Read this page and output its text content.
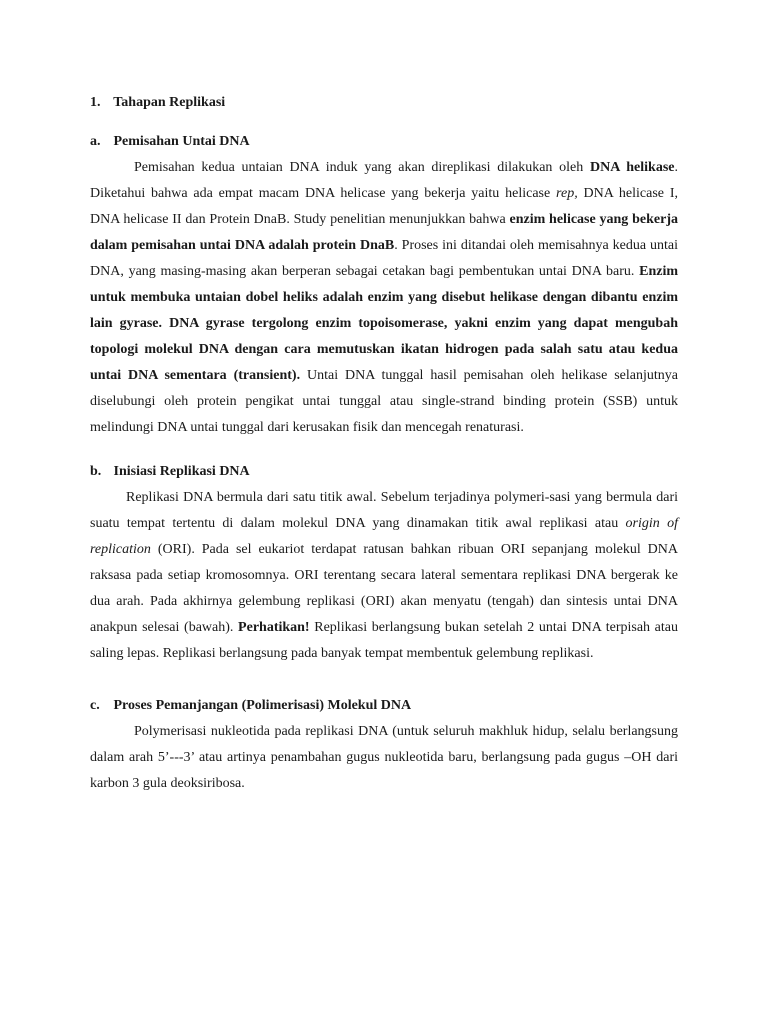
1. Tahapan Replikasi

a. Pemisahan Untai DNA

Pemisahan kedua untaian DNA induk yang akan direplikasi dilakukan oleh DNA helikase. Diketahui bahwa ada empat macam DNA helicase yang bekerja yaitu helicase rep, DNA helicase I, DNA helicase II dan Protein DnaB. Study penelitian menunjukkan bahwa enzim helicase yang bekerja dalam pemisahan untai DNA adalah protein DnaB. Proses ini ditandai oleh memisahnya kedua untai DNA, yang masing-masing akan berperan sebagai cetakan bagi pembentukan untai DNA baru. Enzim untuk membuka untaian dobel heliks adalah enzim yang disebut helikase dengan dibantu enzim lain gyrase. DNA gyrase tergolong enzim topoisomerase, yakni enzim yang dapat mengubah topologi molekul DNA dengan cara memutuskan ikatan hidrogen pada salah satu atau kedua untai DNA sementara (transient). Untai DNA tunggal hasil pemisahan oleh helikase selanjutnya diselubungi oleh protein pengikat untai tunggal atau single-strand binding protein (SSB) untuk melindungi DNA untai tunggal dari kerusakan fisik dan mencegah renaturasi.

b. Inisiasi Replikasi DNA

Replikasi DNA bermula dari satu titik awal. Sebelum terjadinya polymeri-sasi yang bermula dari suatu tempat tertentu di dalam molekul DNA yang dinamakan titik awal replikasi atau origin of replication (ORI). Pada sel eukariot terdapat ratusan bahkan ribuan ORI sepanjang molekul DNA raksasa pada setiap kromosomnya. ORI terentang secara lateral sementara replikasi DNA bergerak ke dua arah. Pada akhirnya gelembung replikasi (ORI) akan menyatu (tengah) dan sintesis untai DNA anakpun selesai (bawah). Perhatikan! Replikasi berlangsung bukan setelah 2 untai DNA terpisah atau saling lepas. Replikasi berlangsung pada banyak tempat membentuk gelembung replikasi.

c. Proses Pemanjangan (Polimerisasi) Molekul DNA

Polymerisasi nukleotida pada replikasi DNA (untuk seluruh makhluk hidup, selalu berlangsung dalam arah 5’---3’ atau artinya penambahan gugus nukleotida baru, berlangsung pada gugus –OH dari karbon 3 gula deoksiribosa.
